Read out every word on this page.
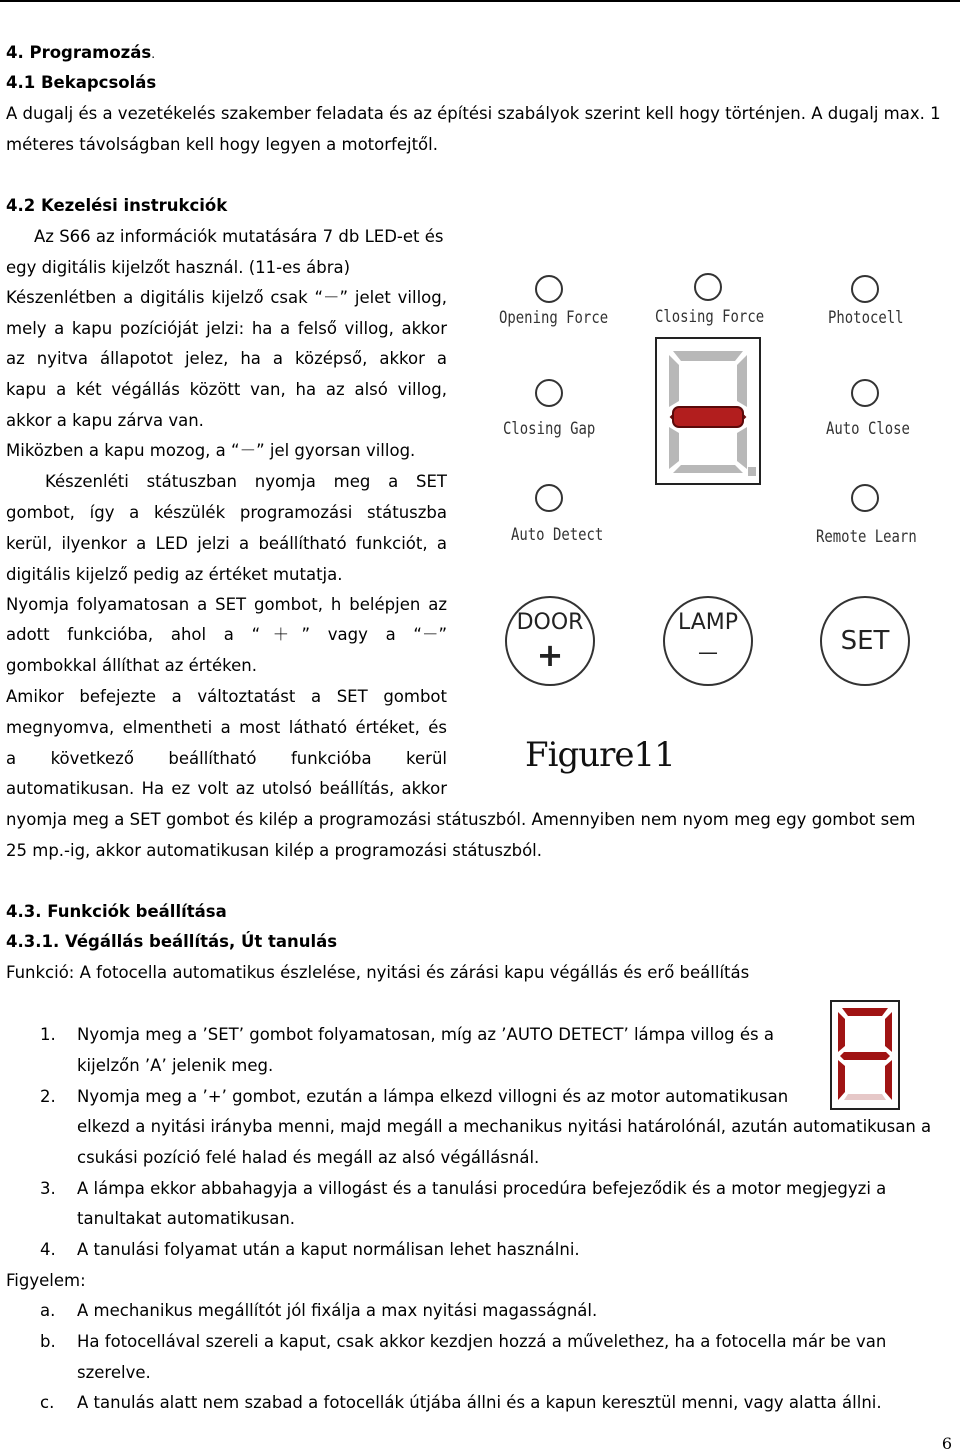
4. Programozás.
4.1 Bekapcsolás
A dugalj és a vezetékelés szakember feladata és az építési szabályok szerint kell hogy történjen. A dugalj max. 1
méteres távolságban kell hogy legyen a motorfejtől.
4.2 Kezelési instrukciók
Az S66 az információk mutatására 7 db LED-et és
egy digitális kijelzőt használ. (11-es ábra)
Készenlétben a digitális kijelző csak “－” jelet villog,
mely a kapu pozícióját jelzi: ha a felső villog, akkor
az nyitva állapotot jelez, ha a középső, akkor a
kapu a két végállás között van, ha az alsó villog,
akkor a kapu zárva van.
Miközben a kapu mozog, a “－” jel gyorsan villog.
Készenléti státuszban nyomja meg a SET
gombot, így a készülék programozási státuszba
kerül, ilyenkor a LED jelzi a beállítható funkciót, a
digitális kijelző pedig az értéket mutatja.
Nyomja folyamatosan a SET gombot, h belépjen az
adott funkcióba, ahol a “＋” vagy a “－”
gombokkal állíthat az értéken.
Amikor befejezte a változtatást a SET gombot
megnyomva, elmentheti a most látható értéket, és
a következő beállítható funkcióba kerül
automatikusan. Ha ez volt az utolsó beállítás, akkor
nyomja meg a SET gombot és kilép a programozási státuszból. Amennyiben nem nyom meg egy gombot sem
25 mp.-ig, akkor automatikusan kilép a programozási státuszból.
Opening Force	Closing Force	Photocell
Closing Gap	Auto Close
Auto Detect	Remote Learn
DOOR
+
LAMP
—	SET
Figure11
4.3. Funkciók beállítása
4.3.1. Végállás beállítás, Út tanulás
Funkció: A fotocella automatikus észlelése, nyitási és zárási kapu végállás és erő beállítás
1. Nyomja meg a ’SET’ gombot folyamatosan, míg az ’AUTO DETECT’ lámpa villog és a
kijelzőn ’A’ jelenik meg.
2. Nyomja meg a ’+’ gombot, ezután a lámpa elkezd villogni és az motor automatikusan
elkezd a nyitási irányba menni, majd megáll a mechanikus nyitási határolónál, azután automatikusan a
csukási pozíció felé halad és megáll az alsó végállásnál.
3. A lámpa ekkor abbahagyja a villogást és a tanulási procedúra befejeződik és a motor megjegyzi a
tanultakat automatikusan.
4. A tanulási folyamat után a kaput normálisan lehet használni.
Figyelem:
a. A mechanikus megállítót jól fixálja a max nyitási magasságnál.
b. Ha fotocellával szereli a kaput, csak akkor kezdjen hozzá a művelethez, ha a fotocella már be van
szerelve.
c. A tanulás alatt nem szabad a fotocellák útjába állni és a kapun keresztül menni, vagy alatta állni.
6
